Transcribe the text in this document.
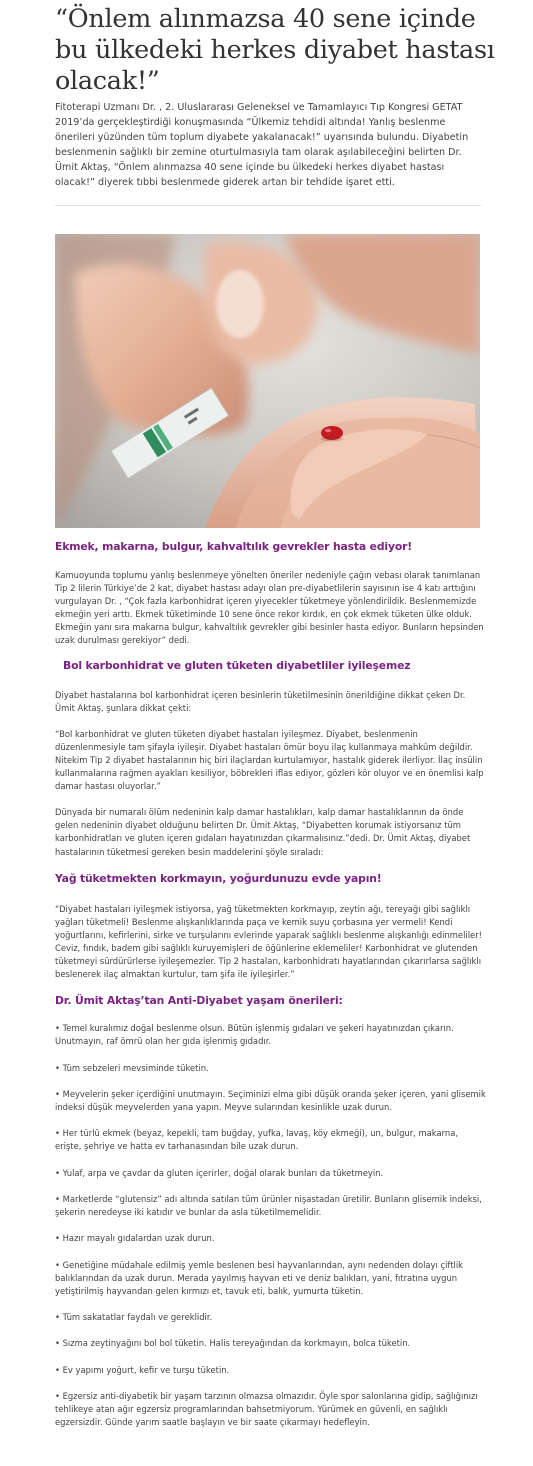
“Önlem alınmazsa 40 sene içinde bu ülkedeki herkes diyabet hastası olacak!”

Fitoterapi Uzmanı Dr. , 2. Uluslararası Geleneksel ve Tamamlayıcı Tıp Kongresi GETAT 2019’da gerçekleştirdiği konuşmasında “Ülkemiz tehdidi altında! Yanlış beslenme önerileri yüzünden tüm toplum diyabete yakalanacak!” uyarısında bulundu. Diyabetin beslenmenin sağlıklı bir zemine oturtulmasıyla tam olarak aşılabileceğini belirten Dr. Ümit Aktaş, “Önlem alınmazsa 40 sene içinde bu ülkedeki herkes diyabet hastası olacak!” diyerek tıbbi beslenmede giderek artan bir tehdide işaret etti.

Ekmek, makarna, bulgur, kahvaltılık gevrekler hasta ediyor!

Kamuoyunda toplumu yanlış beslenmeye yönelten öneriler nedeniyle çağın vebası olarak tanımlanan Tip 2 lilerin Türkiye’de 2 kat, diyabet hastası adayı olan pre-diyabetlilerin sayısının ise 4 katı arttığını vurgulayan Dr. , “Çok fazla karbonhidrat içeren yiyecekler tüketmeye yönlendirildik. Beslenmemizde ekmeğin yeri arttı. Ekmek tüketiminde 10 sene önce rekor kırdık, en çok ekmek tüketen ülke olduk. Ekmeğin yanı sıra makarna bulgur, kahvaltılık gevrekler gibi besinler hasta ediyor. Bunların hepsinden uzak durulması gerekiyor” dedi.

Bol karbonhidrat ve gluten tüketen diyabetliler iyileşemez

Diyabet hastalarına bol karbonhidrat içeren besinlerin tüketilmesinin önerildiğine dikkat çeken Dr. Ümit Aktaş, şunlara dikkat çekti:

“Bol karbonhidrat ve gluten tüketen diyabet hastaları iyileşmez. Diyabet, beslenmenin düzenlenmesiyle tam şifayla iyileşir. Diyabet hastaları ömür boyu ilaç kullanmaya mahkûm değildir. Nitekim Tip 2 diyabet hastalarının hiç biri ilaçlardan kurtulamıyor, hastalık giderek ilerliyor. İlaç insülin kullanmalarına rağmen ayakları kesiliyor, böbrekleri iflas ediyor, gözleri kör oluyor ve en önemlisi kalp damar hastası oluyorlar.”

Dünyada bir numaralı ölüm nedeninin kalp damar hastalıkları, kalp damar hastalıklarının da önde gelen nedeninin diyabet olduğunu belirten Dr. Ümit Aktaş, “Diyabetten korumak istiyorsanız tüm karbonhidratları ve gluten içeren gıdaları hayatınızdan çıkarmalısınız.”dedi. Dr. Ümit Aktaş, diyabet hastalarının tüketmesi gereken besin maddelerini şöyle sıraladı:

Yağ tüketmekten korkmayın, yoğurdunuzu evde yapın!

“Diyabet hastaları iyileşmek istiyorsa, yağ tüketmekten korkmayıp, zeytin ağı, tereyağı gibi sağlıklı yağları tüketmeli! Beslenme alışkanlıklarında paça ve kemik suyu çorbasına yer vermeli! Kendi yoğurtlarını, kefirlerini, sirke ve turşularını evlerinde yaparak sağlıklı beslenme alışkanlığı edinmeliler! Ceviz, fındık, badem gibi sağlıklı kuruyemişleri de öğünlerine eklemeliler! Karbonhidrat ve glutenden tüketmeyi sürdürürlerse iyileşemezler. Tip 2 hastaları, karbonhidratı hayatlarından çıkarırlarsa sağlıklı beslenerek ilaç almaktan kurtulur, tam şifa ile iyileşirler.”

Dr. Ümit Aktaş’tan Anti-Diyabet yaşam önerileri:

• Temel kuralımız doğal beslenme olsun. Bütün işlenmiş gıdaları ve şekeri hayatınızdan çıkarın. Unutmayın, raf ömrü olan her gıda işlenmiş gıdadır.

• Tüm sebzeleri mevsiminde tüketin.

• Meyvelerin şeker içerdiğini unutmayın. Seçiminizi elma gibi düşük oranda şeker içeren, yani glisemik indeksi düşük meyvelerden yana yapın. Meyve sularından kesinlikle uzak durun.

• Her türlü ekmek (beyaz, kepekli, tam buğday, yufka, lavaş, köy ekmeği), un, bulgur, makarna, erişte, şehriye ve hatta ev tarhanasından bile uzak durun.

• Yulaf, arpa ve çavdar da gluten içerirler, doğal olarak bunları da tüketmeyin.

• Marketlerde “glutensiz” adı altında satılan tüm ürünler nişastadan üretilir. Bunların glisemik indeksi, şekerin neredeyse iki katıdır ve bunlar da asla tüketilmemelidir.

• Hazır mayalı gıdalardan uzak durun.

• Genetiğine müdahale edilmiş yemle beslenen besi hayvanlarından, aynı nedenden dolayı çiftlik balıklarından da uzak durun. Merada yayılmış hayvan eti ve deniz balıkları, yani, fıtratına uygun yetiştirilmiş hayvandan gelen kırmızı et, tavuk eti, balık, yumurta tüketin.

• Tüm sakatatlar faydalı ve gereklidir.

• Sızma zeytinyağını bol bol tüketin. Halis tereyağından da korkmayın, bolca tüketin.

• Ev yapımı yoğurt, kefir ve turşu tüketin.

• Egzersiz anti-diyabetik bir yaşam tarzının olmazsa olmazıdır. Öyle spor salonlarına gidip, sağlığınızı tehlikeye atan ağır egzersiz programlarından bahsetmiyorum. Yürümek en güvenli, en sağlıklı egzersizdir. Günde yarım saatle başlayın ve bir saate çıkarmayı hedefleyin.
